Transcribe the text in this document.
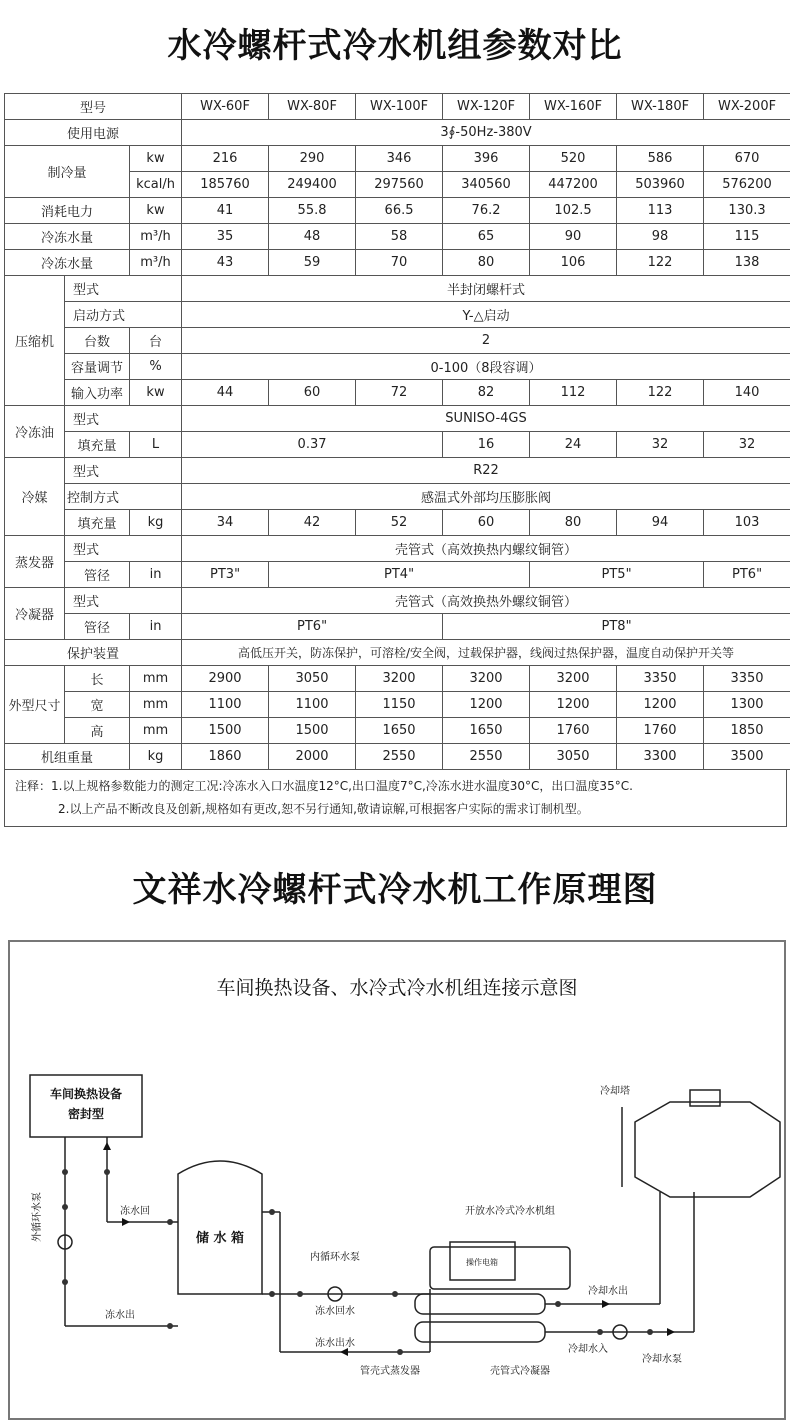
水冷螺杆式冷水机组参数对比
型号			WX-60F	WX-80F	WX-100F	WX-120F	WX-160F	WX-180F	WX-200F
使用电源			3∮-50Hz-380V						
制冷量		kw	216	290	346	396	520	586	670
		kcal/h	185760	249400	297560	340560	447200	503960	576200
消耗电力		kw	41	55.8	66.5	76.2	102.5	113	130.3
冷冻水量		m³/h	35	48	58	65	90	98	115
冷冻水量		m³/h	43	59	70	80	106	122	138
压缩机	型式		半封闭螺杆式						
	启动方式		Y-△启动						
	台数	台	2						
	容量调节	%	0-100（8段容调）						
	输入功率	kw	44	60	72	82	112	122	140
冷冻油	型式		SUNISO-4GS						
	填充量	L	0.37			16	24	32	32
冷媒	型式		R22						
	控制方式		感温式外部均压膨胀阀						
	填充量	kg	34	42	52	60	80	94	103
蒸发器	型式		壳管式（高效换热内螺纹铜管）						
	管径	in	PT3"	PT4"			PT5"		PT6"
冷凝器	型式		壳管式（高效换热外螺纹铜管）						
	管径	in	PT6"			PT8"			
保护装置			高低压开关，防冻保护，可溶栓/安全阀，过载保护器，线阀过热保护器，温度自动保护开关等						
外型尺寸	长	mm	2900	3050	3200	3200	3200	3350	3350
	宽	mm	1100	1100	1150	1200	1200	1200	1300
	高	mm	1500	1500	1650	1650	1760	1760	1850
机组重量		kg	1860	2000	2550	2550	3050	3300	3500
注释：1.以上规格参数能力的测定工况:冷冻水入口水温度12°C,出口温度7°C,冷冻水进水温度30°C，出口温度35°C.
2.以上产品不断改良及创新,规格如有更改,恕不另行通知,敬请谅解,可根据客户实际的需求订制机型。
文祥水冷螺杆式冷水机工作原理图
车间换热设备、水冷式冷水机组连接示意图
车间换热设备
密封型
外循环水泵	冻水回
冻水出
储 水 箱
内循环水泵
冻水回水
冻水出水
开放水冷式冷水机组
操作电箱
管壳式蒸发器	壳管式冷凝器
冷却水出
冷却水入
冷却水泵
冷却塔
